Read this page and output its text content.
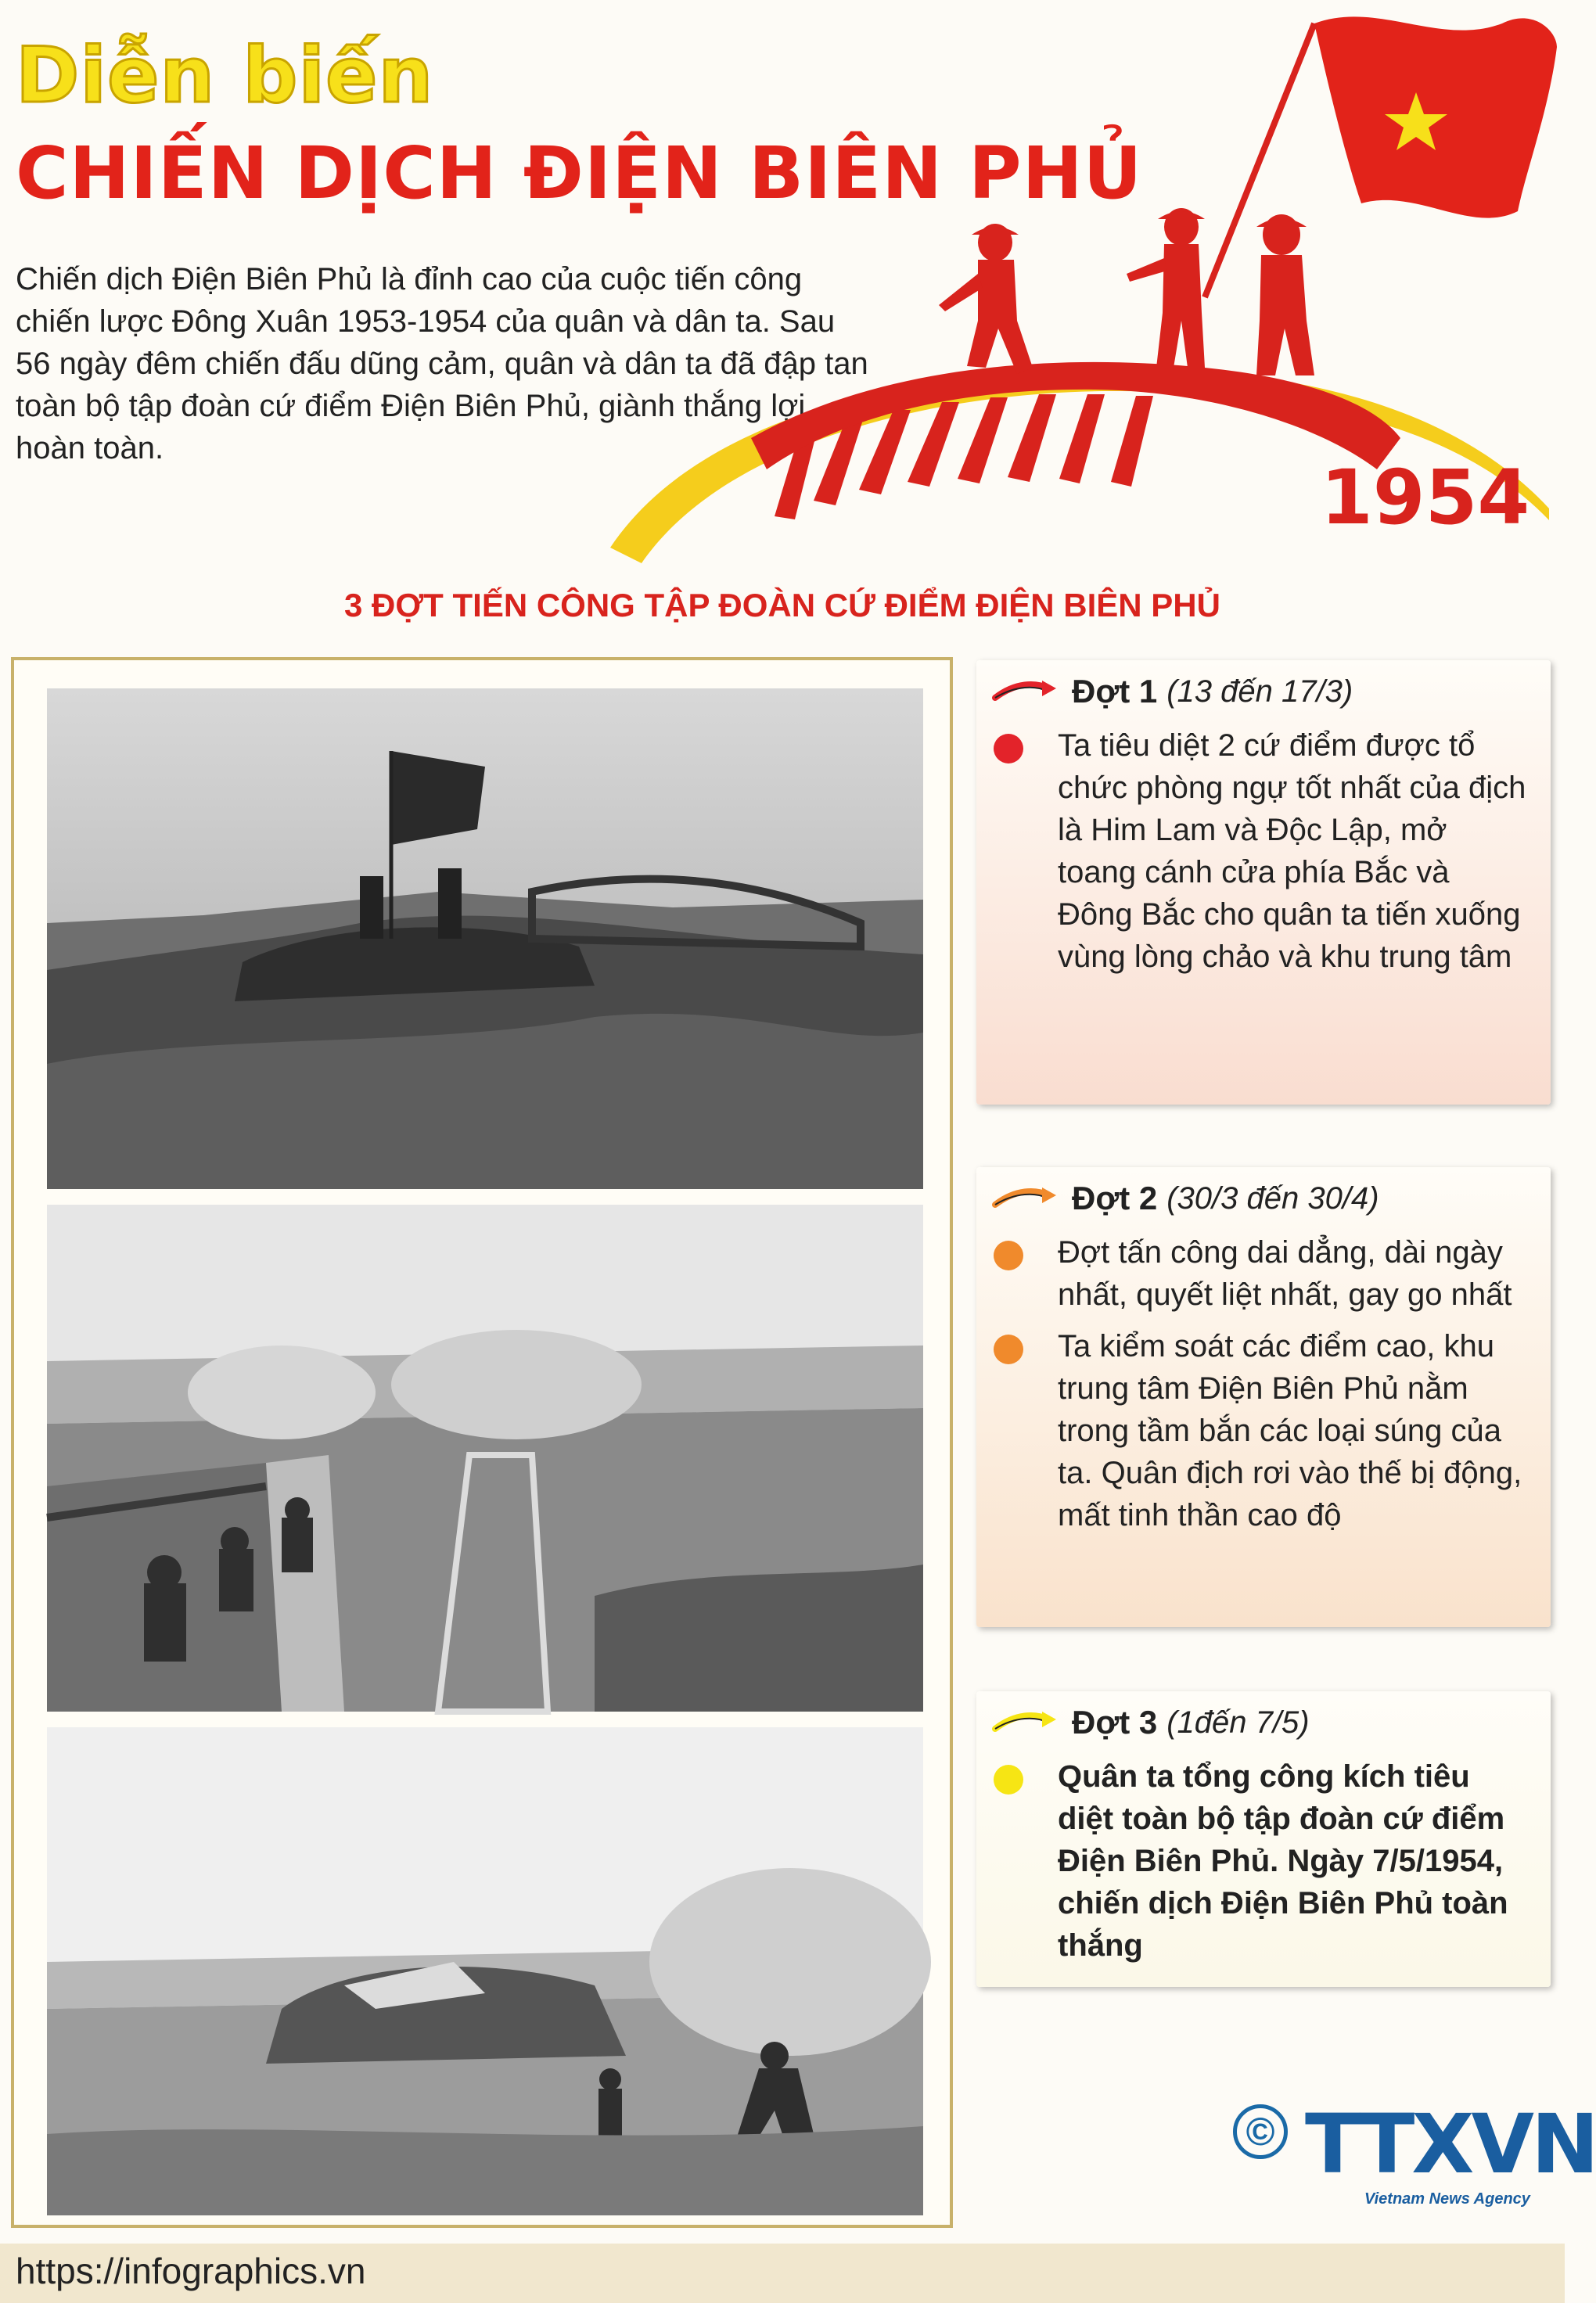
Diễn biến
CHIẾN DỊCH ĐIỆN BIÊN PHỦ
Chiến dịch Điện Biên Phủ là đỉnh cao của cuộc tiến công chiến lược Đông Xuân 1953-1954 của quân và dân ta. Sau 56 ngày đêm chiến đấu dũng cảm, quân và dân ta đã đập tan toàn bộ tập đoàn cứ điểm Điện Biên Phủ, giành thắng lợi hoàn toàn.
1954
3 ĐỢT TIẾN CÔNG TẬP ĐOÀN CỨ ĐIỂM ĐIỆN BIÊN PHỦ
Đợt 1 (13 đến 17/3)
Ta tiêu diệt 2 cứ điểm được tổ chức phòng ngự tốt nhất của địch là Him Lam và Độc Lập, mở toang cánh cửa phía Bắc và Đông Bắc cho quân ta tiến xuống vùng lòng chảo và khu trung tâm
Đợt 2 (30/3 đến 30/4)
Đợt tấn công dai dẳng, dài ngày nhất, quyết liệt nhất, gay go nhất
Ta kiểm soát các điểm cao, khu trung tâm Điện Biên Phủ nằm trong tầm bắn các loại súng của ta. Quân địch rơi vào thế bị động, mất tinh thần cao độ
Đợt 3 (1đến 7/5)
Quân ta tổng công kích tiêu diệt toàn bộ tập đoàn cứ điểm Điện Biên Phủ. Ngày 7/5/1954, chiến dịch Điện Biên Phủ toàn thắng
© TTXVN
Vietnam News Agency
https://infographics.vn
